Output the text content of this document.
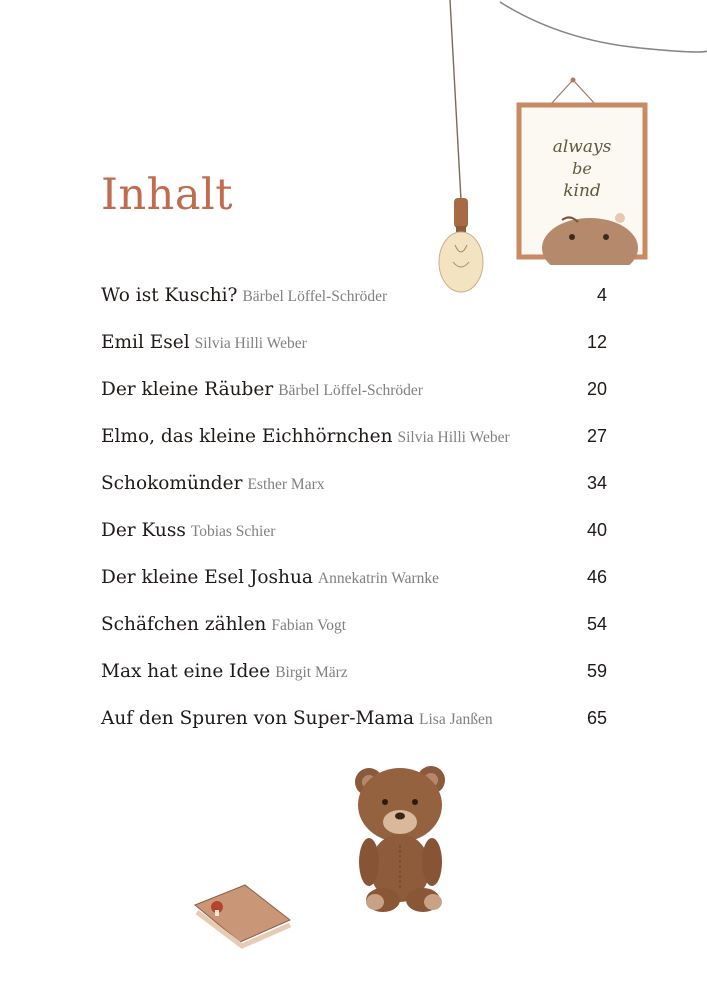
always
be
kind
Inhalt
Wo ist Kuschi? Bärbel Löffel-Schröder	4
Emil Esel Silvia Hilli Weber	12
Der kleine Räuber Bärbel Löffel-Schröder	20
Elmo, das kleine Eichhörnchen Silvia Hilli Weber	27
Schokomünder Esther Marx	34
Der Kuss Tobias Schier	40
Der kleine Esel Joshua Annekatrin Warnke	46
Schäfchen zählen Fabian Vogt	54
Max hat eine Idee Birgit März	59
Auf den Spuren von Super-Mama Lisa Janßen	65
